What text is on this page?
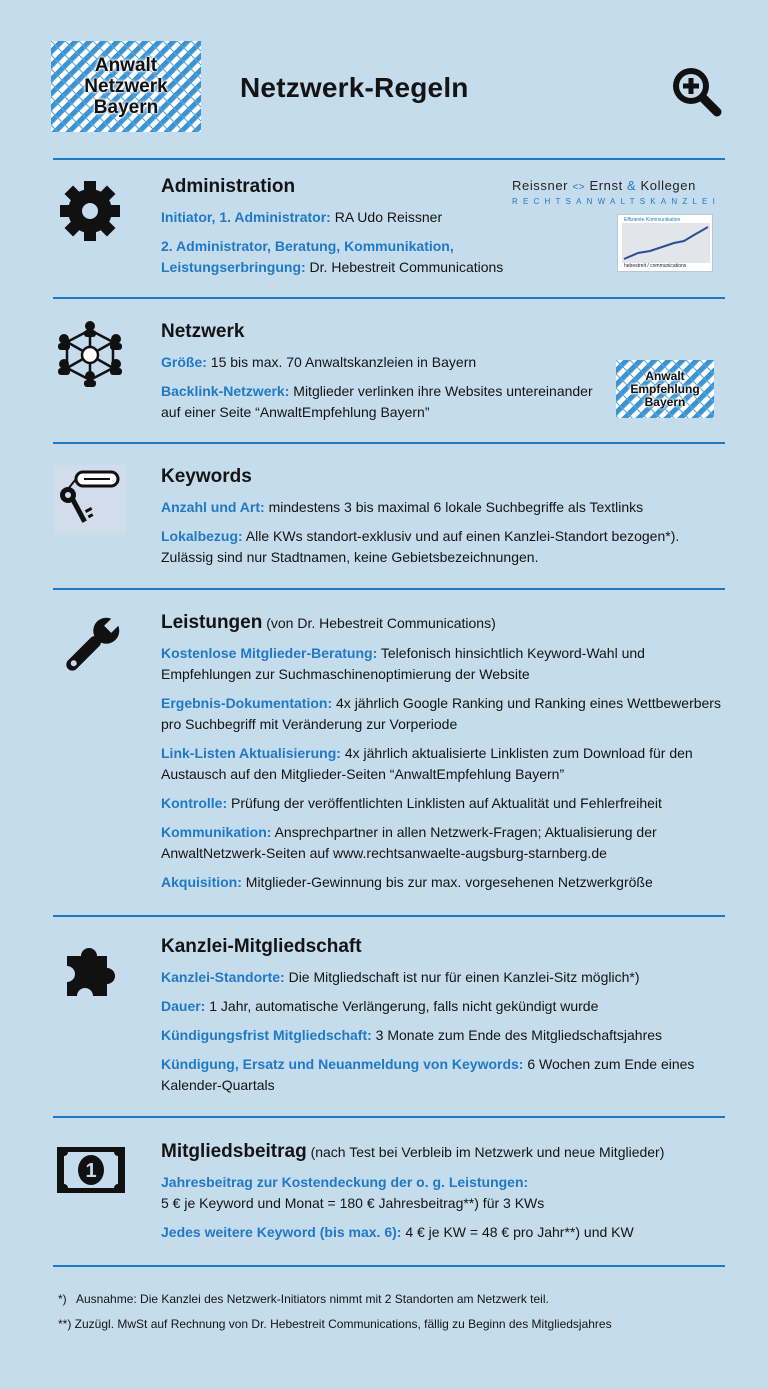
Anwalt
Netzwerk
Bayern
Netzwerk-Regeln
Administration
Initiator, 1. Administrator: RA Udo Reissner
2. Administrator, Beratung, Kommunikation, Leistungserbringung: Dr. Hebestreit Communications
Reissner <> Ernst & Kollegen
RECHTSANWALTSKANZLEI
Effiziente Kommunikation
hebestreit / communications
Netzwerk
Größe: 15 bis max. 70 Anwaltskanzleien in Bayern
Backlink-Netzwerk: Mitglieder verlinken ihre Websites untereinander auf einer Seite “AnwaltEmpfehlung Bayern”
Anwalt
Empfehlung
Bayern
Keywords
Anzahl und Art: mindestens 3 bis maximal 6 lokale Suchbegriffe als Textlinks
Lokalbezug: Alle KWs standort-exklusiv und auf einen Kanzlei-Standort bezogen*). Zulässig sind nur Stadtnamen, keine Gebietsbezeichnungen.
Leistungen (von Dr. Hebestreit Communications)
Kostenlose Mitglieder-Beratung: Telefonisch hinsichtlich Keyword-Wahl und Empfehlungen zur Suchmaschinenoptimierung der Website
Ergebnis-Dokumentation: 4x jährlich Google Ranking und Ranking eines Wettbewerbers pro Suchbegriff mit Veränderung zur Vorperiode
Link-Listen Aktualisierung: 4x jährlich aktualisierte Linklisten zum Download für den Austausch auf den Mitglieder-Seiten “AnwaltEmpfehlung Bayern”
Kontrolle: Prüfung der veröffentlichten Linklisten auf Aktualität und Fehlerfreiheit
Kommunikation: Ansprechpartner in allen Netzwerk-Fragen; Aktualisierung der AnwaltNetzwerk-Seiten auf www.rechtsanwaelte-augsburg-starnberg.de
Akquisition: Mitglieder-Gewinnung bis zur max. vorgesehenen Netzwerkgröße
Kanzlei-Mitgliedschaft
Kanzlei-Standorte: Die Mitgliedschaft ist nur für einen Kanzlei-Sitz möglich*)
Dauer: 1 Jahr, automatische Verlängerung, falls nicht gekündigt wurde
Kündigungsfrist Mitgliedschaft: 3 Monate zum Ende des Mitgliedschaftsjahres
Kündigung, Ersatz und Neuanmeldung von Keywords: 6 Wochen zum Ende eines Kalender-Quartals
1
Mitgliedsbeitrag (nach Test bei Verbleib im Netzwerk und neue Mitglieder)
Jahresbeitrag zur Kostendeckung der o. g. Leistungen:
5 € je Keyword und Monat = 180 € Jahresbeitrag**) für 3 KWs
Jedes weitere Keyword (bis max. 6): 4 € je KW = 48 € pro Jahr**) und KW
*)   Ausnahme: Die Kanzlei des Netzwerk-Initiators nimmt mit 2 Standorten am Netzwerk teil.
**) Zuzügl. MwSt auf Rechnung von Dr. Hebestreit Communications, fällig zu Beginn des Mitgliedsjahres
